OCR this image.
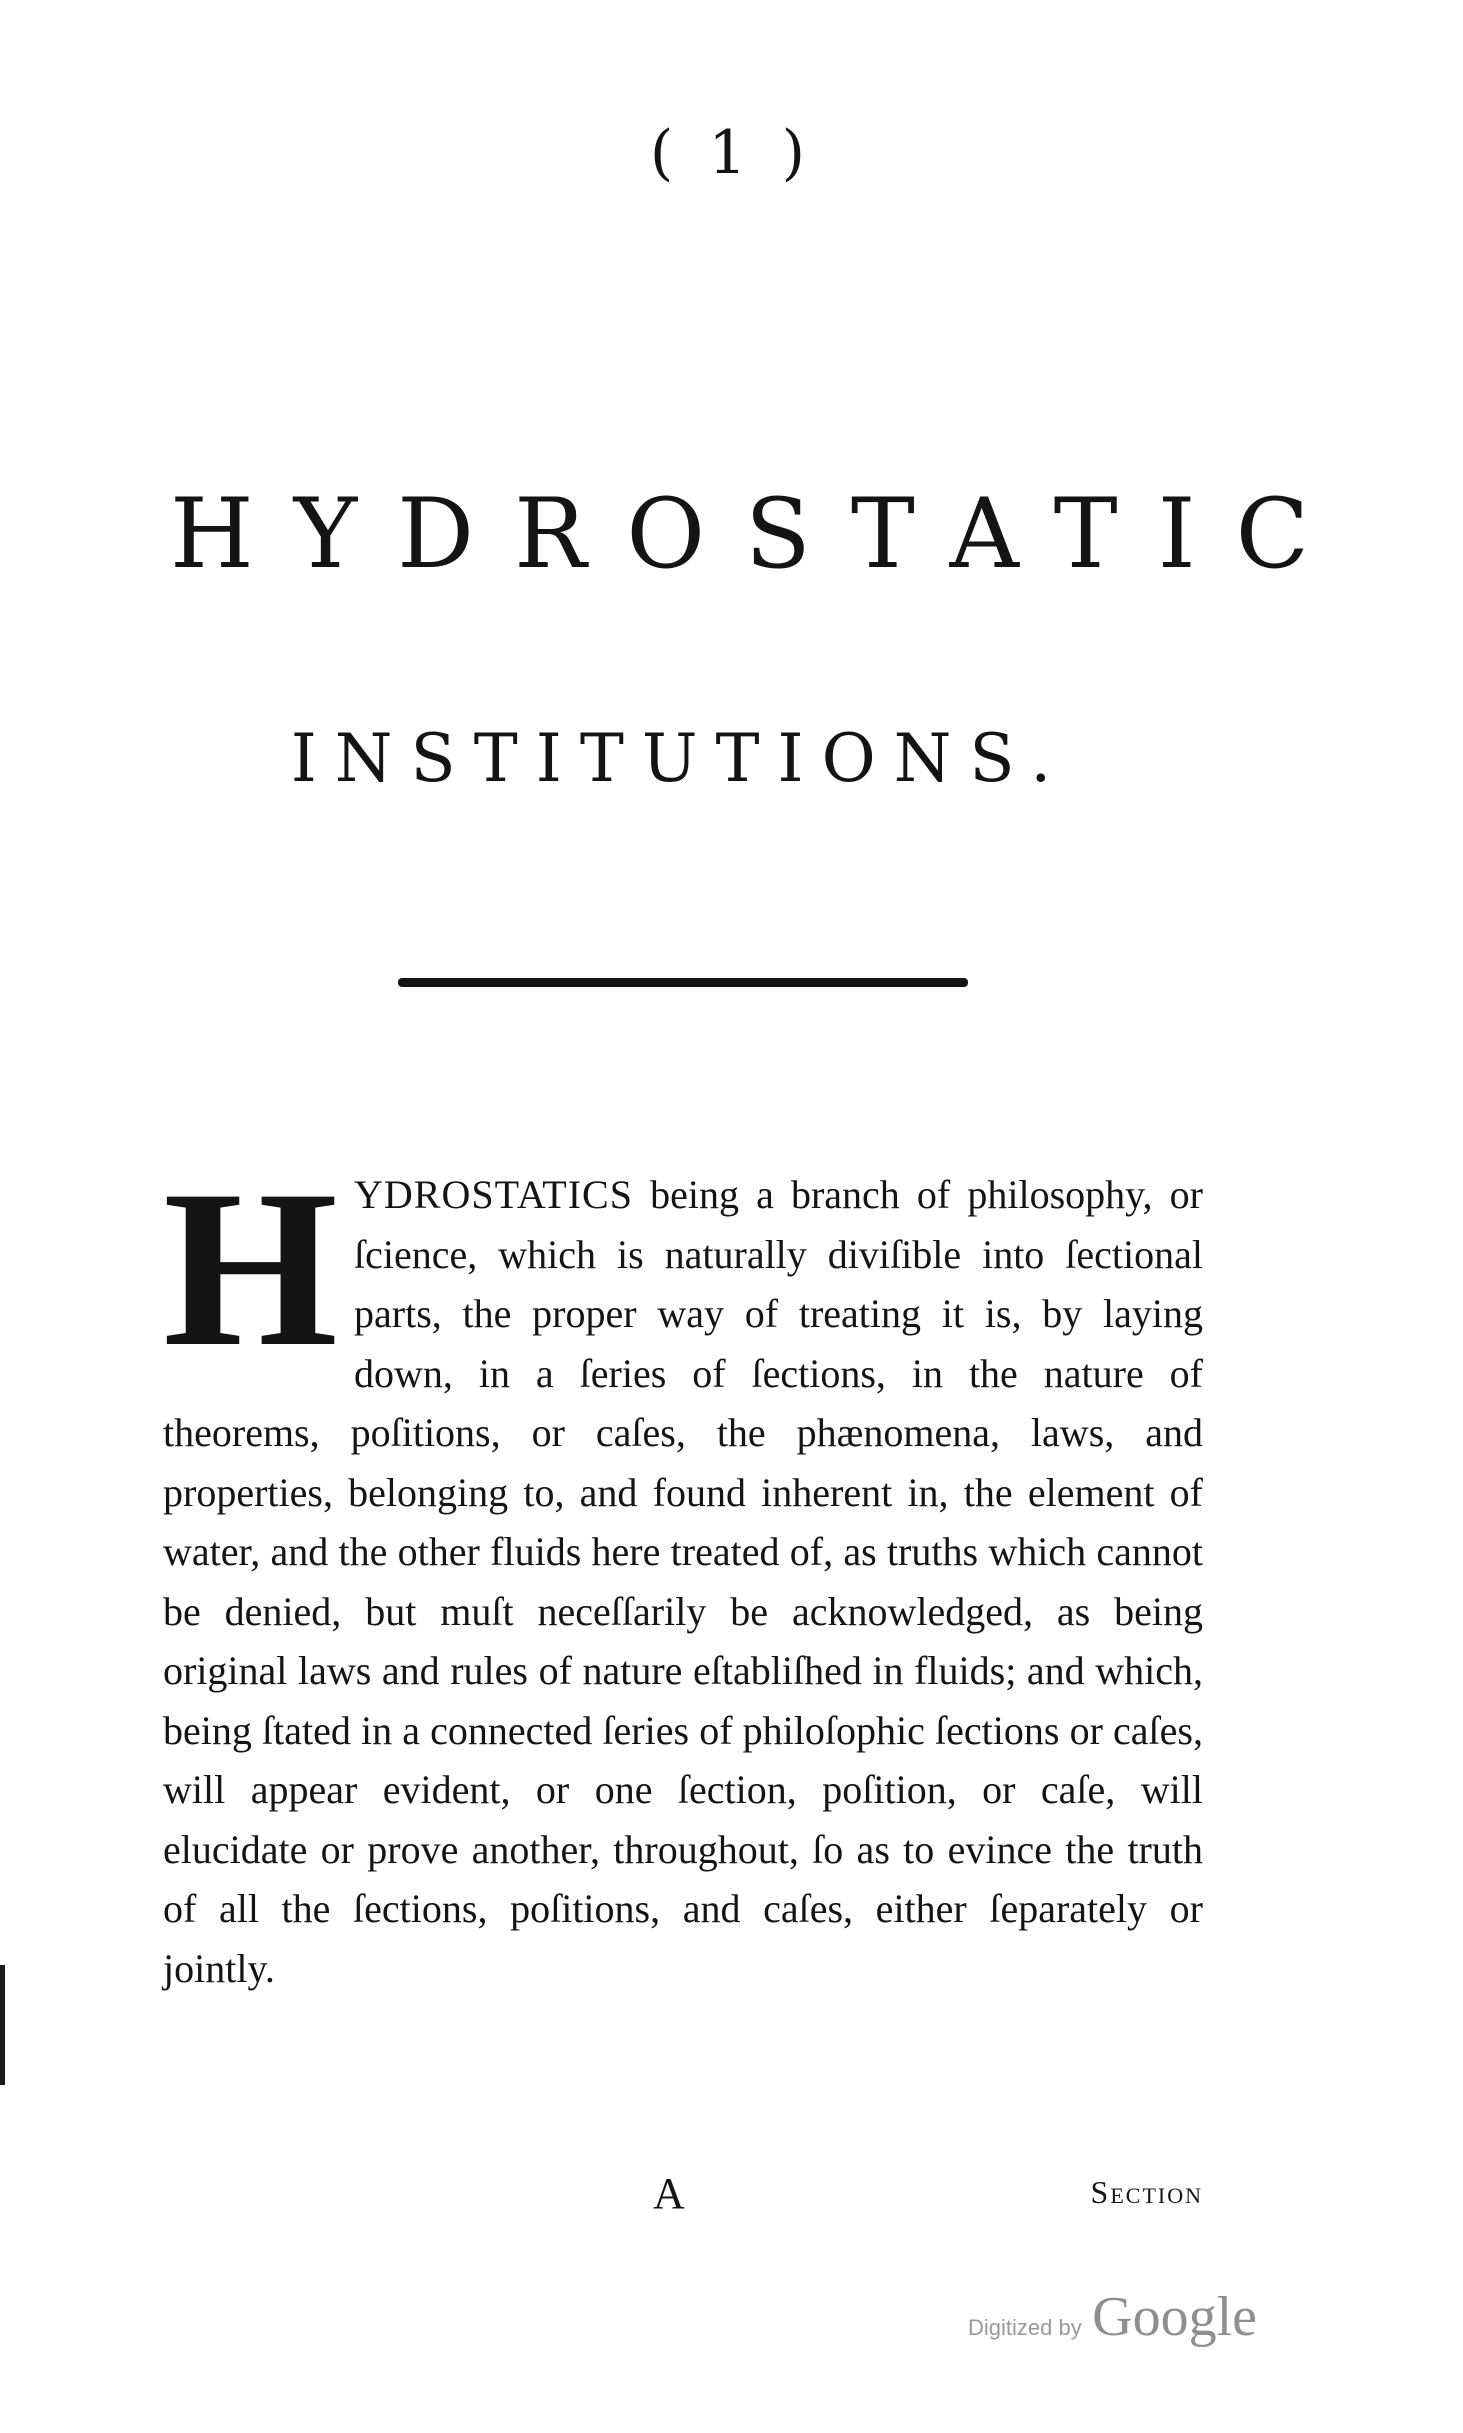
( 1 )
HYDROSTATIC
INSTITUTIONS.
H YDROSTATICS being a branch of philosophy, or ſcience, which is naturally diviſible into ſectional parts, the proper way of treating it is, by laying down, in a ſeries of ſections, in the nature of theorems, poſitions, or caſes, the phænomena, laws, and properties, belonging to, and found inherent in, the element of water, and the other fluids here treated of, as truths which cannot be denied, but muſt neceſſarily be acknowledged, as being original laws and rules of nature eſtabliſhed in fluids; and which, being ſtated in a connected ſeries of philoſophic ſections or caſes, will appear evident, or one ſection, poſition, or caſe, will elucidate or prove another, throughout, ſo as to evince the truth of all the ſections, poſitions, and caſes, either ſeparately or jointly.
A	Section
Digitized by Google
